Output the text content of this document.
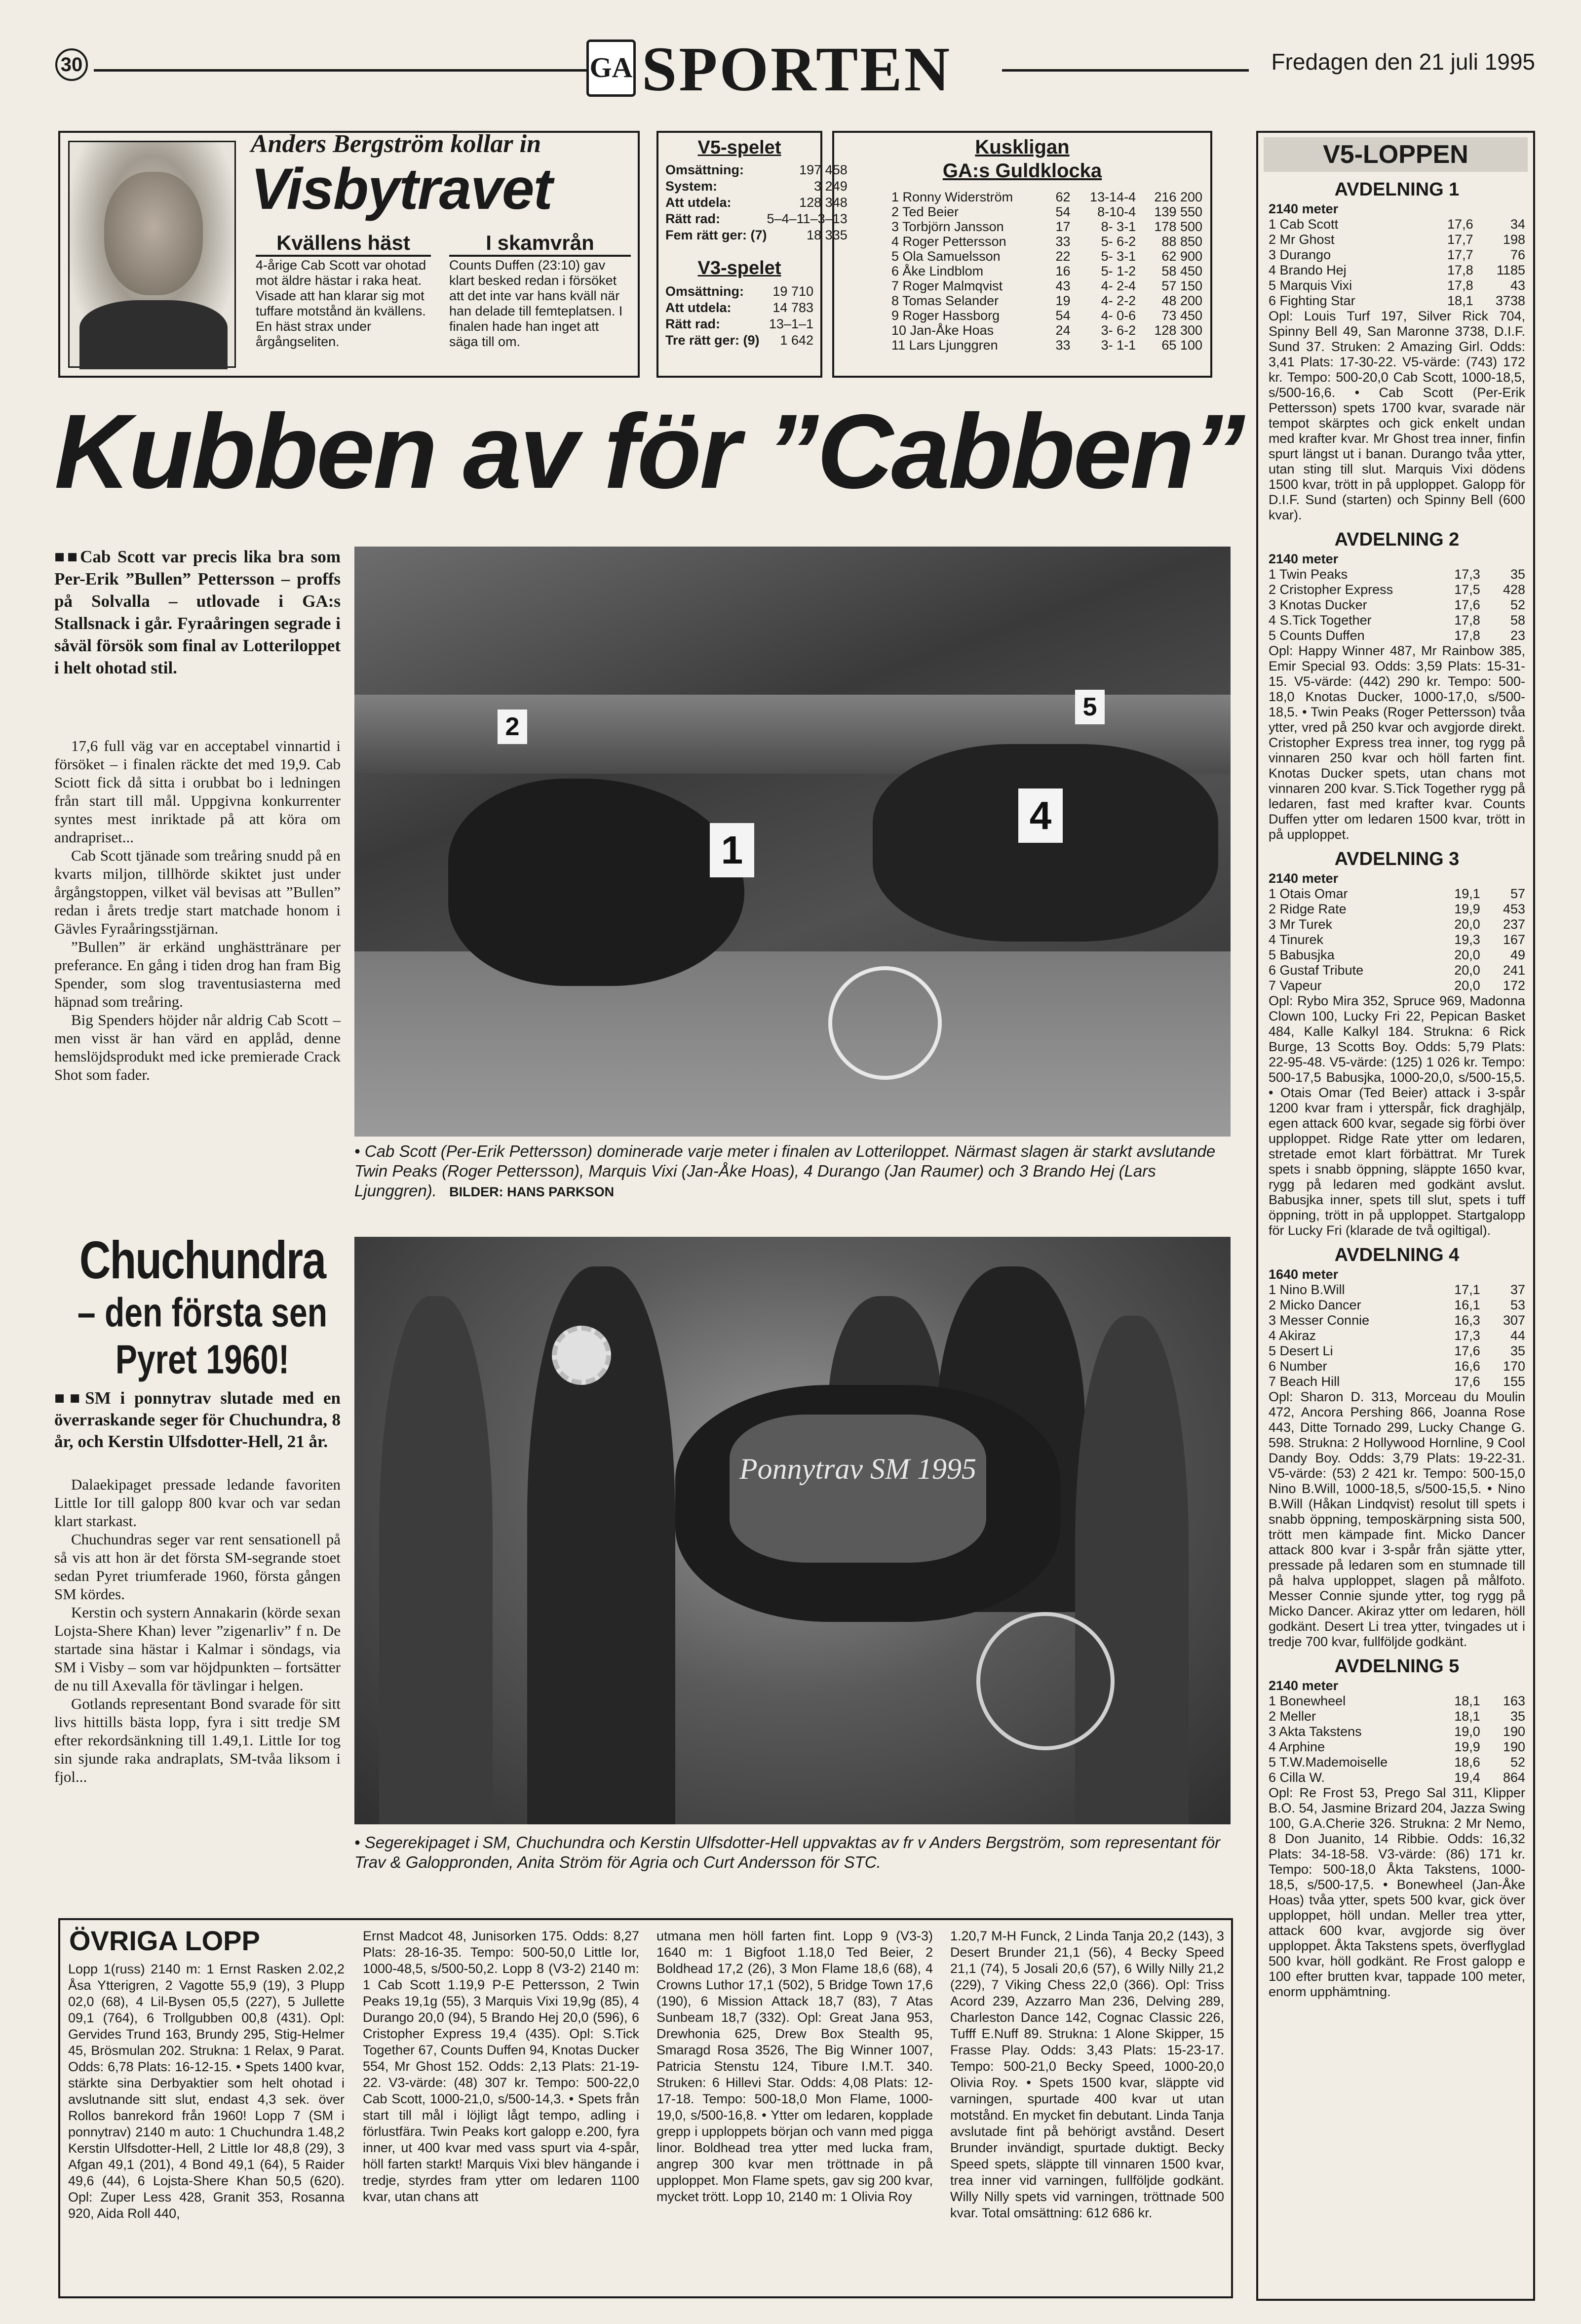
30	GA SPORTEN	Fredagen den 21 juli 1995
Anders Bergström kollar in
Visbytravet
Kvällens häst
4-årige Cab Scott var ohotad mot äldre hästar i raka heat. Visade att han klarar sig mot tuffare motstånd än kvällens. En häst strax under årgångseliten.
I skamvrån
Counts Duffen (23:10) gav klart besked redan i försöket att det inte var hans kväll när han delade till femteplatsen. I finalen hade han inget att säga till om.
V5-spelet
Omsättning:	197 458
System:	3 249
Att utdela:	128 348
Rätt rad:	5–4–11–3–13
Fem rätt ger: (7)	18 335
V3-spelet
Omsättning:	19 710
Att utdela:	14 783
Rätt rad:	13–1–1
Tre rätt ger: (9)	1 642
Kuskligan
GA:s Guldklocka
1 Ronny Widerström	62	13-14-4	216 200
2 Ted Beier	54	8-10-4	139 550
3 Torbjörn Jansson	17	8- 3-1	178 500
4 Roger Pettersson	33	5- 6-2	88 850
5 Ola Samuelsson	22	5- 3-1	62 900
6 Åke Lindblom	16	5- 1-2	58 450
7 Roger Malmqvist	43	4- 2-4	57 150
8 Tomas Selander	19	4- 2-2	48 200
9 Roger Hassborg	54	4- 0-6	73 450
10 Jan-Åke Hoas	24	3- 6-2	128 300
11 Lars Ljunggren	33	3- 1-1	65 100
Kubben av för ”Cabben”
■■Cab Scott var precis lika bra som Per-Erik ”Bullen” Pettersson – proffs på Solvalla – utlovade i GA:s Stallsnack i går. Fyraåringen segrade i såväl försök som final av Lotteriloppet i helt ohotad stil.

17,6 full väg var en acceptabel vinnartid i försöket – i finalen räckte det med 19,9. Cab Sciott fick då sitta i orubbat bo i ledningen från start till mål. Uppgivna konkurrenter syntes mest inriktade på att köra om andrapriset...

Cab Scott tjänade som treåring snudd på en kvarts miljon, tillhörde skiktet just under årgångstoppen, vilket väl bevisas att ”Bullen” redan i årets tredje start matchade honom i Gävles Fyraåringsstjärnan.

”Bullen” är erkänd unghästtränare per preferance. En gång i tiden drog han fram Big Spender, som slog traventusiasterna med häpnad som treåring.

Big Spenders höjder når aldrig Cab Scott – men visst är han värd en applåd, denne hemslöjdsprodukt med icke premierade Crack Shot som fader.

1
4
2
5
• Cab Scott (Per-Erik Pettersson) dominerade varje meter i finalen av Lotteriloppet. Närmast slagen är starkt avslutande Twin Peaks (Roger Pettersson), Marquis Vixi (Jan-Åke Hoas), 4 Durango (Jan Raumer) och 3 Brando Hej (Lars Ljunggren). BILDER: HANS PARKSON
Chuchundra
– den första sen
Pyret 1960!
■■SM i ponnytrav slutade med en överraskande seger för Chuchundra, 8 år, och Kerstin Ulfsdotter-Hell, 21 år.

Dalaekipaget pressade ledande favoriten Little Ior till galopp 800 kvar och var sedan klart starkast.

Chuchundras seger var rent sensationell på så vis att hon är det första SM-segrande stoet sedan Pyret triumferade 1960, första gången SM kördes.

Kerstin och systern Annakarin (körde sexan Lojsta-Shere Khan) lever ”zigenarliv” f n. De startade sina hästar i Kalmar i söndags, via SM i Visby – som var höjdpunkten – fortsätter de nu till Axevalla för tävlingar i helgen.

Gotlands representant Bond svarade för sitt livs hittills bästa lopp, fyra i sitt tredje SM efter rekordsänkning till 1.49,1. Little Ior tog sin sjunde raka andraplats, SM-tvåa liksom i fjol...

Ponnytrav SM 1995
• Segerekipaget i SM, Chuchundra och Kerstin Ulfsdotter-Hell uppvaktas av fr v Anders Bergström, som representant för Trav & Galoppronden, Anita Ström för Agria och Curt Andersson för STC.
ÖVRIGA LOPP
Lopp 1(russ) 2140 m: 1 Ernst Rasken 2.02,2 Åsa Ytterigren, 2 Vagotte 55,9 (19), 3 Plupp 02,0 (68), 4 Lil-Bysen 05,5 (227), 5 Jullette 09,1 (764), 6 Trollgubben 00,8 (431). Opl: Gervides Trund 163, Brundy 295, Stig-Helmer 45, Brösmulan 202. Strukna: 1 Relax, 9 Parat. Odds: 6,78 Plats: 16-12-15. • Spets 1400 kvar, stärkte sina Derbyaktier som helt ohotad i avslutnande sitt slut, endast 4,3 sek. över Rollos banrekord från 1960! Lopp 7 (SM i ponnytrav) 2140 m auto: 1 Chuchundra 1.48,2 Kerstin Ulfsdotter-Hell, 2 Little Ior 48,8 (29), 3 Afgan 49,1 (201), 4 Bond 49,1 (64), 5 Raider 49,6 (44), 6 Lojsta-Shere Khan 50,5 (620). Opl: Zuper Less 428, Granit 353, Rosanna 920, Aida Roll 440,
Ernst Madcot 48, Junisorken 175. Odds: 8,27 Plats: 28-16-35. Tempo: 500-50,0 Little Ior, 1000-48,5, s/500-50,2. Lopp 8 (V3-2) 2140 m: 1 Cab Scott 1.19,9 P-E Pettersson, 2 Twin Peaks 19,1g (55), 3 Marquis Vixi 19,9g (85), 4 Durango 20,0 (94), 5 Brando Hej 20,0 (596), 6 Cristopher Express 19,4 (435). Opl: S.Tick Together 67, Counts Duffen 94, Knotas Ducker 554, Mr Ghost 152. Odds: 2,13 Plats: 21-19-22. V3-värde: (48) 307 kr. Tempo: 500-22,0 Cab Scott, 1000-21,0, s/500-14,3. • Spets från start till mål i löjligt lågt tempo, adling i förlustfära. Twin Peaks kort galopp e.200, fyra inner, ut 400 kvar med vass spurt via 4-spår, höll farten starkt! Marquis Vixi blev hängande i tredje, styrdes fram ytter om ledaren 1100 kvar, utan chans att
utmana men höll farten fint. Lopp 9 (V3-3) 1640 m: 1 Bigfoot 1.18,0 Ted Beier, 2 Boldhead 17,2 (26), 3 Mon Flame 18,6 (68), 4 Crowns Luthor 17,1 (502), 5 Bridge Town 17,6 (190), 6 Mission Attack 18,7 (83), 7 Atas Sunbeam 18,7 (332). Opl: Great Jana 953, Drewhonia 625, Drew Box Stealth 95, Smaragd Rosa 3526, The Big Winner 1007, Patricia Stenstu 124, Tibure I.M.T. 340. Struken: 6 Hillevi Star. Odds: 4,08 Plats: 12-17-18. Tempo: 500-18,0 Mon Flame, 1000-19,0, s/500-16,8. • Ytter om ledaren, kopplade grepp i upploppets början och vann med pigga linor. Boldhead trea ytter med lucka fram, angrep 300 kvar men tröttnade in på upploppet. Mon Flame spets, gav sig 200 kvar, mycket trött. Lopp 10, 2140 m: 1 Olivia Roy
1.20,7 M-H Funck, 2 Linda Tanja 20,2 (143), 3 Desert Brunder 21,1 (56), 4 Becky Speed 21,1 (74), 5 Josali 20,6 (57), 6 Willy Nilly 21,2 (229), 7 Viking Chess 22,0 (366). Opl: Triss Acord 239, Azzarro Man 236, Delving 289, Charleston Dance 142, Cognac Classic 226, Tufff E.Nuff 89. Strukna: 1 Alone Skipper, 15 Frasse Play. Odds: 3,43 Plats: 15-23-17. Tempo: 500-21,0 Becky Speed, 1000-20,0 Olivia Roy. • Spets 1500 kvar, släppte vid varningen, spurtade 400 kvar ut utan motstånd. En mycket fin debutant. Linda Tanja avslutade fint på behörigt avstånd. Desert Brunder invändigt, spurtade duktigt. Becky Speed spets, släppte till vinnaren 1500 kvar, trea inner vid varningen, fullföljde godkänt. Willy Nilly spets vid varningen, tröttnade 500 kvar. Total omsättning: 612 686 kr.
V5-LOPPEN
AVDELNING 1
2140 meter
1 Cab Scott	17,6	34
2 Mr Ghost	17,7	198
3 Durango	17,7	76
4 Brando Hej	17,8	1185
5 Marquis Vixi	17,8	43
6 Fighting Star	18,1	3738
Opl: Louis Turf 197, Silver Rick 704, Spinny Bell 49, San Maronne 3738, D.I.F. Sund 37. Struken: 2 Amazing Girl. Odds: 3,41 Plats: 17-30-22. V5-värde: (743) 172 kr. Tempo: 500-20,0 Cab Scott, 1000-18,5, s/500-16,6. • Cab Scott (Per-Erik Pettersson) spets 1700 kvar, svarade när tempot skärptes och gick enkelt undan med krafter kvar. Mr Ghost trea inner, finfin spurt längst ut i banan. Durango tvåa ytter, utan sting till slut. Marquis Vixi dödens 1500 kvar, trött in på upploppet. Galopp för D.I.F. Sund (starten) och Spinny Bell (600 kvar).
AVDELNING 2
2140 meter
1 Twin Peaks	17,3	35
2 Cristopher Express	17,5	428
3 Knotas Ducker	17,6	52
4 S.Tick Together	17,8	58
5 Counts Duffen	17,8	23
Opl: Happy Winner 487, Mr Rainbow 385, Emir Special 93. Odds: 3,59 Plats: 15-31-15. V5-värde: (442) 290 kr. Tempo: 500-18,0 Knotas Ducker, 1000-17,0, s/500-18,5. • Twin Peaks (Roger Pettersson) tvåa ytter, vred på 250 kvar och avgjorde direkt. Cristopher Express trea inner, tog rygg på vinnaren 250 kvar och höll farten fint. Knotas Ducker spets, utan chans mot vinnaren 200 kvar. S.Tick Together rygg på ledaren, fast med krafter kvar. Counts Duffen ytter om ledaren 1500 kvar, trött in på upploppet.
AVDELNING 3
2140 meter
1 Otais Omar	19,1	57
2 Ridge Rate	19,9	453
3 Mr Turek	20,0	237
4 Tinurek	19,3	167
5 Babusjka	20,0	49
6 Gustaf Tribute	20,0	241
7 Vapeur	20,0	172
Opl: Rybo Mira 352, Spruce 969, Madonna Clown 100, Lucky Fri 22, Pepican Basket 484, Kalle Kalkyl 184. Strukna: 6 Rick Burge, 13 Scotts Boy. Odds: 5,79 Plats: 22-95-48. V5-värde: (125) 1 026 kr. Tempo: 500-17,5 Babusjka, 1000-20,0, s/500-15,5. • Otais Omar (Ted Beier) attack i 3-spår 1200 kvar fram i ytterspår, fick draghjälp, egen attack 600 kvar, segade sig förbi över upploppet. Ridge Rate ytter om ledaren, stretade emot klart förbättrat. Mr Turek spets i snabb öppning, släppte 1650 kvar, rygg på ledaren med godkänt avslut. Babusjka inner, spets till slut, spets i tuff öppning, trött in på upploppet. Startgalopp för Lucky Fri (klarade de två ogiltigal).
AVDELNING 4
1640 meter
1 Nino B.Will	17,1	37
2 Micko Dancer	16,1	53
3 Messer Connie	16,3	307
4 Akiraz	17,3	44
5 Desert Li	17,6	35
6 Number	16,6	170
7 Beach Hill	17,6	155
Opl: Sharon D. 313, Morceau du Moulin 472, Ancora Pershing 866, Joanna Rose 443, Ditte Tornado 299, Lucky Change G. 598. Strukna: 2 Hollywood Hornline, 9 Cool Dandy Boy. Odds: 3,79 Plats: 19-22-31. V5-värde: (53) 2 421 kr. Tempo: 500-15,0 Nino B.Will, 1000-18,5, s/500-15,5. • Nino B.Will (Håkan Lindqvist) resolut till spets i snabb öppning, temposkärpning sista 500, trött men kämpade fint. Micko Dancer attack 800 kvar i 3-spår från sjätte ytter, pressade på ledaren som en stumnade till på halva upploppet, slagen på målfoto. Messer Connie sjunde ytter, tog rygg på Micko Dancer. Akiraz ytter om ledaren, höll godkänt. Desert Li trea ytter, tvingades ut i tredje 700 kvar, fullföljde godkänt.
AVDELNING 5
2140 meter
1 Bonewheel	18,1	163
2 Meller	18,1	35
3 Akta Takstens	19,0	190
4 Arphine	19,9	190
5 T.W.Mademoiselle	18,6	52
6 Cilla W.	19,4	864
Opl: Re Frost 53, Prego Sal 311, Klipper B.O. 54, Jasmine Brizard 204, Jazza Swing 100, G.A.Cherie 326. Strukna: 2 Mr Nemo, 8 Don Juanito, 14 Ribbie. Odds: 16,32 Plats: 34-18-58. V3-värde: (86) 171 kr. Tempo: 500-18,0 Åkta Takstens, 1000-18,5, s/500-17,5. • Bonewheel (Jan-Åke Hoas) tvåa ytter, spets 500 kvar, gick över upploppet, höll undan. Meller trea ytter, attack 600 kvar, avgjorde sig över upploppet. Åkta Takstens spets, överflyglad 500 kvar, höll godkänt. Re Frost galopp e 100 efter brutten kvar, tappade 100 meter, enorm upphämtning.
